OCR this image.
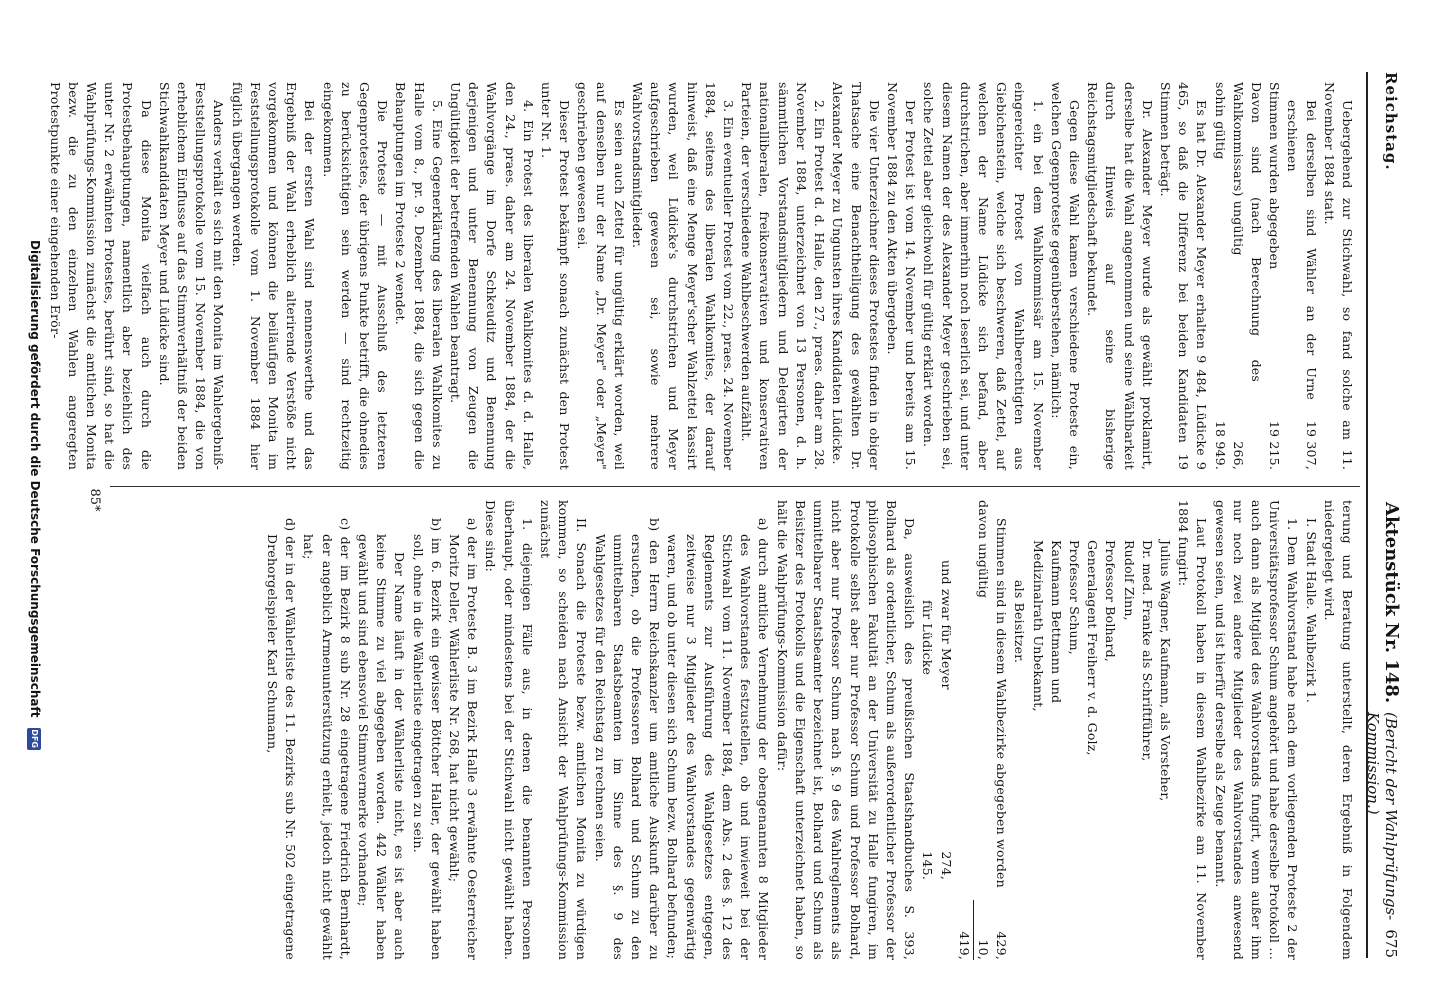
Reichstag.
Aktenstück Nr. 148.
(Bericht der Wahlprüfungs-Kommission.)
675

Uebergehend zur Stichwahl, so fand solche am 11. November 1884 statt.

Bei derselben sind Wähler an der Urne erschienen
19 307,
Stimmen wurden abgegeben
19 215.
Davon sind (nach Berechnung des Wahlkommissars) ungültig
266,
sohin gültig
18 949.

Es hat Dr. Alexander Meyer erhalten 9 484, Lüdicke 9 465, so daß die Differenz bei beiden Kandidaten 19 Stimmen beträgt.

Dr. Alexander Meyer wurde als gewählt proklamirt, derselbe hat die Wahl angenommen und seine Wählbarkeit durch Hinweis auf seine bisherige Reichstagsmitgliedschaft bekundet.

Gegen diese Wahl kamen verschiedene Proteste ein, welchen Gegenproteste gegenüberstehen, nämlich:

1. ein bei dem Wahlkommissär am 15. November eingereichter Protest von Wahlberechtigten aus Giebichenstein, welche sich beschweren, daß Zettel, auf welchen der Name Lüdicke sich befand, aber durchstrichen, aber immerhin noch leserlich sei, und unter diesem Namen der des Alexander Meyer geschrieben sei, solche Zettel aber gleichwohl für gültig erklärt worden.

Der Protest ist vom 14. November und bereits am 15. November 1884 zu den Akten übergeben.

Die vier Unterzeichner dieses Protestes finden in obiger Thatsache eine Benachtheiligung des gewählten Dr. Alexander Meyer zu Ungunsten ihres Kandidaten Lüdicke.

2. Ein Protest d. d. Halle, den 27., praes. daher am 28. November 1884, unterzeichnet von 13 Personen, d. h. sämmtlichen Vorstandsmitgliedern und Delegirten der nationalliberalen, freikonservativen und konservativen Parteien, der verschiedene Wahlbeschwerden aufzählt.

3. Ein eventueller Protest vom 22., praes. 24. November 1884, seitens des liberalen Wahlkomites, der darauf hinweist, daß eine Menge Meyer'scher Wahlzettel kassirt wurden, weil Lüdicke's durchstrichen und Meyer aufgeschrieben gewesen sei, sowie mehrere Wahlvorstandsmitglieder.

Es seien auch Zettel für ungültig erklärt worden, weil auf denselben nur der Name „Dr. Meyer" oder „Meyer" geschrieben gewesen sei.

Dieser Protest bekämpft sonach zunächst den Protest unter Nr. 1.

4. Ein Protest des liberalen Wahlkomites d. d. Halle, den 24., praes. daher am 24. November 1884, der die Wahlvorgänge im Dorfe Schkeuditz und Benennung derjenigen und unter Benennung von Zeugen die Ungültigkeit der betreffenden Wahlen beantragt.

5. Eine Gegenerklärung des liberalen Wahlkomites zu Halle vom 8., pr. 9. Dezember 1884, die sich gegen die Behauptungen im Proteste 2 wendet.

Die Proteste — mit Ausschluß des letzteren Gegenprotestes, der übrigens Punkte betrifft, die ohnedies zu berücksichtigen sein werden — sind rechtzeitig eingekommen.

Bei der ersten Wahl sind nennenswerthe und das Ergebniß der Wahl erheblich alterirende Verstöße nicht vorgekommen und können die beiläufigen Monita im Feststellungsprotokolle vom 1. November 1884 hier füglich übergangen werden.

Anders verhält es sich mit den Monita im Wahlergebniß-Feststellungsprotokolle vom 15. November 1884, die von erheblichem Einflusse auf das Stimmverhältniß der beiden Stichwahlkandidaten Meyer und Lüdicke sind.

Da diese Monita vielfach auch durch die Protestbehauptungen, namentlich aber beziehlich des unter Nr. 2 erwähnten Protestes, berührt sind, so hat die Wahlprüfungs-Kommission zunächst die amtlichen Monita bezw. die zu den einzelnen Wahlen angeregten Protestpunkte einer eingehenden Erör-

terung und Beratung unterstellt, deren Ergebniß in Folgendem niedergelegt wird.

I. Stadt Halle. Wahlbezirk 1.

1. Dem Wahlvorstand habe nach dem vorliegenden Proteste 2 der Universitätsprofessor Schum angehört und habe derselbe Protokoll ... auch dann als Mitglied des Wahlvorstands fungirt, wenn außer ihm nur noch zwei andere Mitglieder des Wahlvorstandes anwesend gewesen seien, und ist hierfür derselbe als Zeuge benannt.

Laut Protokoll haben in diesem Wahlbezirke am 11. November 1884 fungirt:

Julius Wagner, Kaufmann, als Vorsteher,
Dr. med. Franke als Schriftführer,
Rudolf Zinn,
Professor Bolhard,
Generalagent Freiherr v. d. Golz,
Professor Schum,
Kaufmann Bettmann und
Medizinalrath Unbekannt,
als Beisitzer.
Stimmen sind in diesem Wahlbezirke abgegeben worden
429,
davon ungültig
10,
419,
und zwar für Meyer
274,
für Lüdicke
145.

Da, ausweislich des preußischen Staatshandbuches S. 393, Bolhard als ordentlicher, Schum als außerordentlicher Professor der philosophischen Fakultät an der Universität zu Halle fungiren, im Protokolle selbst aber nur Professor Schum und Professor Bolhard, nicht aber nur Professor Schum nach §. 9 des Wahlreglements als unmittelbarer Staatsbeamter bezeichnet ist, Bolhard und Schum als Beisitzer des Protokolls und die Eigenschaft unterzeichnet haben, so hält die Wahlprüfungs-Kommission dafür:

a) durch amtliche Vernehmung der obengenannten 8 Mitglieder des Wahlvorstandes festzustellen, ob und inwieweit bei der Stichwahl vom 11. November 1884, dem Abs. 2 des §. 12 des Reglements zur Ausführung des Wahlgesetzes entgegen, zeitweise nur 3 Mitglieder des Wahlvorstandes gegenwärtig waren, und ob unter diesen sich Schum bezw. Bolhard befunden;

b) den Herrn Reichskanzler um amtliche Auskunft darüber zu ersuchen, ob die Professoren Bolhard und Schum zu den unmittelbaren Staatsbeamten im Sinne des §. 9 des Wahlgesetzes für den Reichstag zu rechnen seien.

II. Sonach die Proteste bezw. amtlichen Monita zu würdigen kommen, so scheiden nach Ansicht der Wahlprüfungs-Kommission zunächst

1. diejenigen Fälle aus, in denen die benannten Personen überhaupt, oder mindestens bei der Stichwahl nicht gewählt haben. Diese sind:

a) der im Proteste B. 3 im Bezirk Halle 3 erwähnte Oesterreicher Moritz Deller, Wählerliste Nr. 268, hat nicht gewählt;

b) im 6. Bezirk ein gewisser Böttcher Haller, der gewählt haben soll, ohne in die Wählerliste eingetragen zu sein.

Der Name läuft in der Wählerliste nicht, es ist aber auch keine Stimme zu viel abgegeben worden. 442 Wähler haben gewählt und sind ebensoviel Stimmvermerke vorhanden;

c) der im Bezirk 8 sub Nr. 28 eingetragene Friedrich Bernhardt, der angeblich Armenunterstützung erhielt, jedoch nicht gewählt hat;

d) der in der Wählerliste des 11. Bezirks sub Nr. 502 eingetragene Drehorgelspieler Karl Schumann,

85*
Digitalisierung gefördert durch die Deutsche Forschungsgemeinschaft DFG
